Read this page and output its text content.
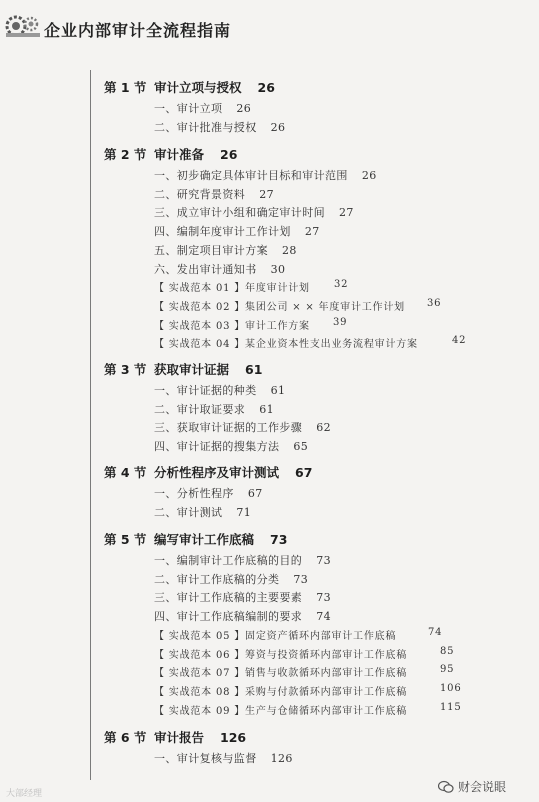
企业内部审计全流程指南
第 1 节 审计立项与授权 26
一、审计立项 26
二、审计批准与授权 26
第 2 节 审计准备 26
一、初步确定具体审计目标和审计范围 26
二、研究背景资料 27
三、成立审计小组和确定审计时间 27
四、编制年度审计工作计划 27
五、制定项目审计方案 28
六、发出审计通知书 30
【 实战范本 01 】年度审计计划 32
【 实战范本 02 】集团公司 × × 年度审计工作计划 36
【 实战范本 03 】审计工作方案 39
【 实战范本 04 】某企业资本性支出业务流程审计方案	42
第 3 节 获取审计证据 61
一、审计证据的种类 61
二、审计取证要求 61
三、获取审计证据的工作步骤 62
四、审计证据的搜集方法 65
第 4 节 分析性程序及审计测试 67
一、分析性程序 67
二、审计测试 71
第 5 节 编写审计工作底稿 73
一、编制审计工作底稿的目的 73
二、审计工作底稿的分类 73
三、审计工作底稿的主要要素 73
四、审计工作底稿编制的要求 74
【 实战范本 05 】固定资产循环内部审计工作底稿	74
【 实战范本 06 】筹资与投资循环内部审计工作底稿	85
【 实战范本 07 】销售与收款循环内部审计工作底稿	95
【 实战范本 08 】采购与付款循环内部审计工作底稿	106
【 实战范本 09 】生产与仓储循环内部审计工作底稿	115
第 6 节 审计报告 126
一、审计复核与监督 126
大部经理	财会说眼
